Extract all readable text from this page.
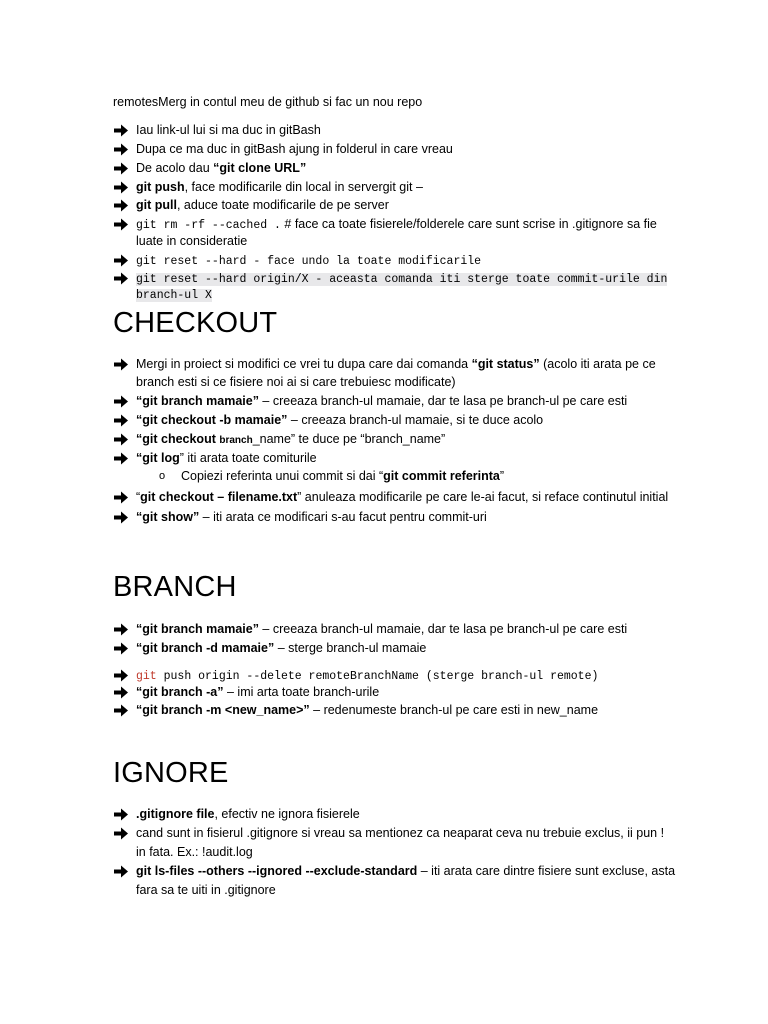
remotesMerg in contul meu de github si fac un nou repo
Iau link-ul lui si ma duc in gitBash
Dupa ce ma duc in gitBash ajung in folderul in care vreau
De acolo dau “git clone URL”
git push, face modificarile din local in servergit git –
git pull, aduce toate modificarile de pe server
git rm -rf --cached . # face ca toate fisierele/folderele care sunt scrise in .gitignore sa fie
luate in consideratie
git reset --hard - face undo la toate modificarile
git reset --hard origin/X - aceasta comanda iti sterge toate commit-urile din
branch-ul X
CHECKOUT
Mergi in proiect si modifici ce vrei tu dupa care dai comanda “git status” (acolo iti arata pe ce
branch esti si ce fisiere noi ai si care trebuiesc modificate)
“git branch mamaie” – creeaza branch-ul mamaie, dar te lasa pe branch-ul pe care esti
“git checkout -b mamaie” – creeaza branch-ul mamaie, si te duce acolo
“git checkout branch_name” te duce pe “branch_name”
“git log” iti arata toate comiturile
o Copiezi referinta unui commit si dai “git commit referinta”
“git checkout – filename.txt” anuleaza modificarile pe care le-ai facut, si reface continutul initial
“git show” – iti arata ce modificari s-au facut pentru commit-uri
BRANCH
“git branch mamaie” – creeaza branch-ul mamaie, dar te lasa pe branch-ul pe care esti
“git branch -d mamaie” – sterge branch-ul mamaie
git push origin --delete remoteBranchName (sterge branch-ul remote)
“git branch -a” – imi arta toate branch-urile
“git branch -m <new_name>” – redenumeste branch-ul pe care esti in new_name
IGNORE
.gitignore file, efectiv ne ignora fisierele
cand sunt in fisierul .gitignore si vreau sa mentionez ca neaparat ceva nu trebuie exclus, ii pun !
in fata. Ex.: !audit.log
git ls-files --others --ignored --exclude-standard – iti arata care dintre fisiere sunt excluse, asta
fara sa te uiti in .gitignore
